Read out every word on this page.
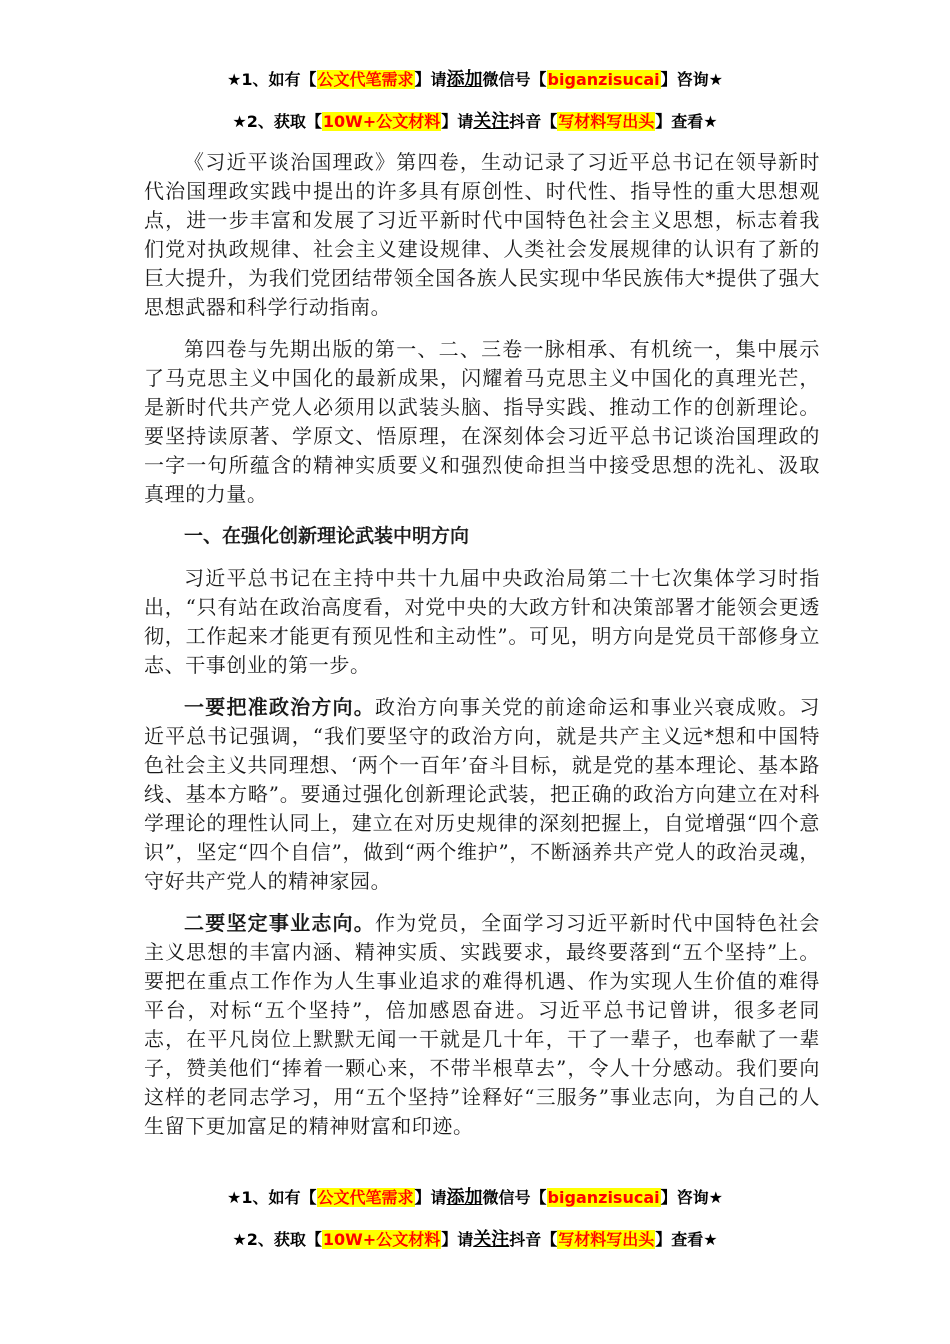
★1、如有【公文代笔需求】请添加微信号【biganzisucai】咨询★
★2、获取【10W+公文材料】请关注抖音【写材料写出头】查看★

《习近平谈治国理政》第四卷，生动记录了习近平总书记在领导新时代治国理政实践中提出的许多具有原创性、时代性、指导性的重大思想观点，进一步丰富和发展了习近平新时代中国特色社会主义思想，标志着我们党对执政规律、社会主义建设规律、人类社会发展规律的认识有了新的巨大提升，为我们党团结带领全国各族人民实现中华民族伟大*提供了强大思想武器和科学行动指南。

第四卷与先期出版的第一、二、三卷一脉相承、有机统一，集中展示了马克思主义中国化的最新成果，闪耀着马克思主义中国化的真理光芒，是新时代共产党人必须用以武装头脑、指导实践、推动工作的创新理论。要坚持读原著、学原文、悟原理，在深刻体会习近平总书记谈治国理政的一字一句所蕴含的精神实质要义和强烈使命担当中接受思想的洗礼、汲取真理的力量。

一、在强化创新理论武装中明方向

习近平总书记在主持中共十九届中央政治局第二十七次集体学习时指出，“只有站在政治高度看，对党中央的大政方针和决策部署才能领会更透彻，工作起来才能更有预见性和主动性”。可见，明方向是党员干部修身立志、干事创业的第一步。

一要把准政治方向。政治方向事关党的前途命运和事业兴衰成败。习近平总书记强调，“我们要坚守的政治方向，就是共产主义远*想和中国特色社会主义共同理想、‘两个一百年’奋斗目标，就是党的基本理论、基本路线、基本方略”。要通过强化创新理论武装，把正确的政治方向建立在对科学理论的理性认同上，建立在对历史规律的深刻把握上，自觉增强“四个意识”，坚定“四个自信”，做到“两个维护”，不断涵养共产党人的政治灵魂，守好共产党人的精神家园。

二要坚定事业志向。作为党员，全面学习习近平新时代中国特色社会主义思想的丰富内涵、精神实质、实践要求，最终要落到“五个坚持”上。要把在重点工作作为人生事业追求的难得机遇、作为实现人生价值的难得平台，对标“五个坚持”，倍加感恩奋进。习近平总书记曾讲，很多老同志，在平凡岗位上默默无闻一干就是几十年，干了一辈子，也奉献了一辈子，赞美他们“捧着一颗心来，不带半根草去”，令人十分感动。我们要向这样的老同志学习，用“五个坚持”诠释好“三服务”事业志向，为自己的人生留下更加富足的精神财富和印迹。

★1、如有【公文代笔需求】请添加微信号【biganzisucai】咨询★
★2、获取【10W+公文材料】请关注抖音【写材料写出头】查看★
